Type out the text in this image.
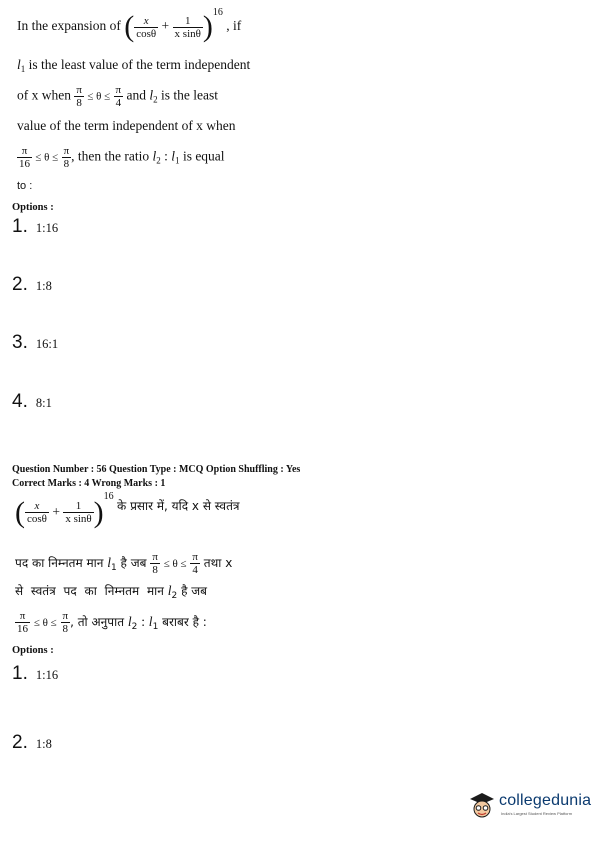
In the expansion of ( $\frac{x}{\cos\theta} + \frac{1}{\text{x sinθ}} )^{16}$ , if
$l_1$ is the least value of the term independent
of x when $\frac{\pi}{8} \le \theta \le \frac{\pi}{4}$ and $l_2$ is the least
value of the term independent of x when
$\frac{\pi}{16} \le \theta \le \frac{\pi}{8}$ , then the ratio $l_2$ : $l_1$ is equal
to :
Options :
1. 1:16
2. 1:8
3. 16:1
4. 8:1
Question Number : 56 Question Type : MCQ Option Shuffling : Yes
Correct Marks : 4 Wrong Marks : 1
( $\frac{x}{\cos\theta} + \frac{1}{\text{x sinθ}} )^{16}$ के प्रसार में, यदि x से स्वतंत्र
पद का निम्नतम मान $l_1$ है जब $\frac{\pi}{8} \le \theta \le \frac{\pi}{4}$ तथा x
से स्वतंत्र पद का निम्नतम मान $l_2$ है जब
$\frac{\pi}{16} \le \theta \le \frac{\pi}{8}$ , तो अनुपात $l_2$ : $l_1$ बराबर है :
Options :
1. 1:16
2. 1:8
collegedunia
India's Largest Student Review Platform
